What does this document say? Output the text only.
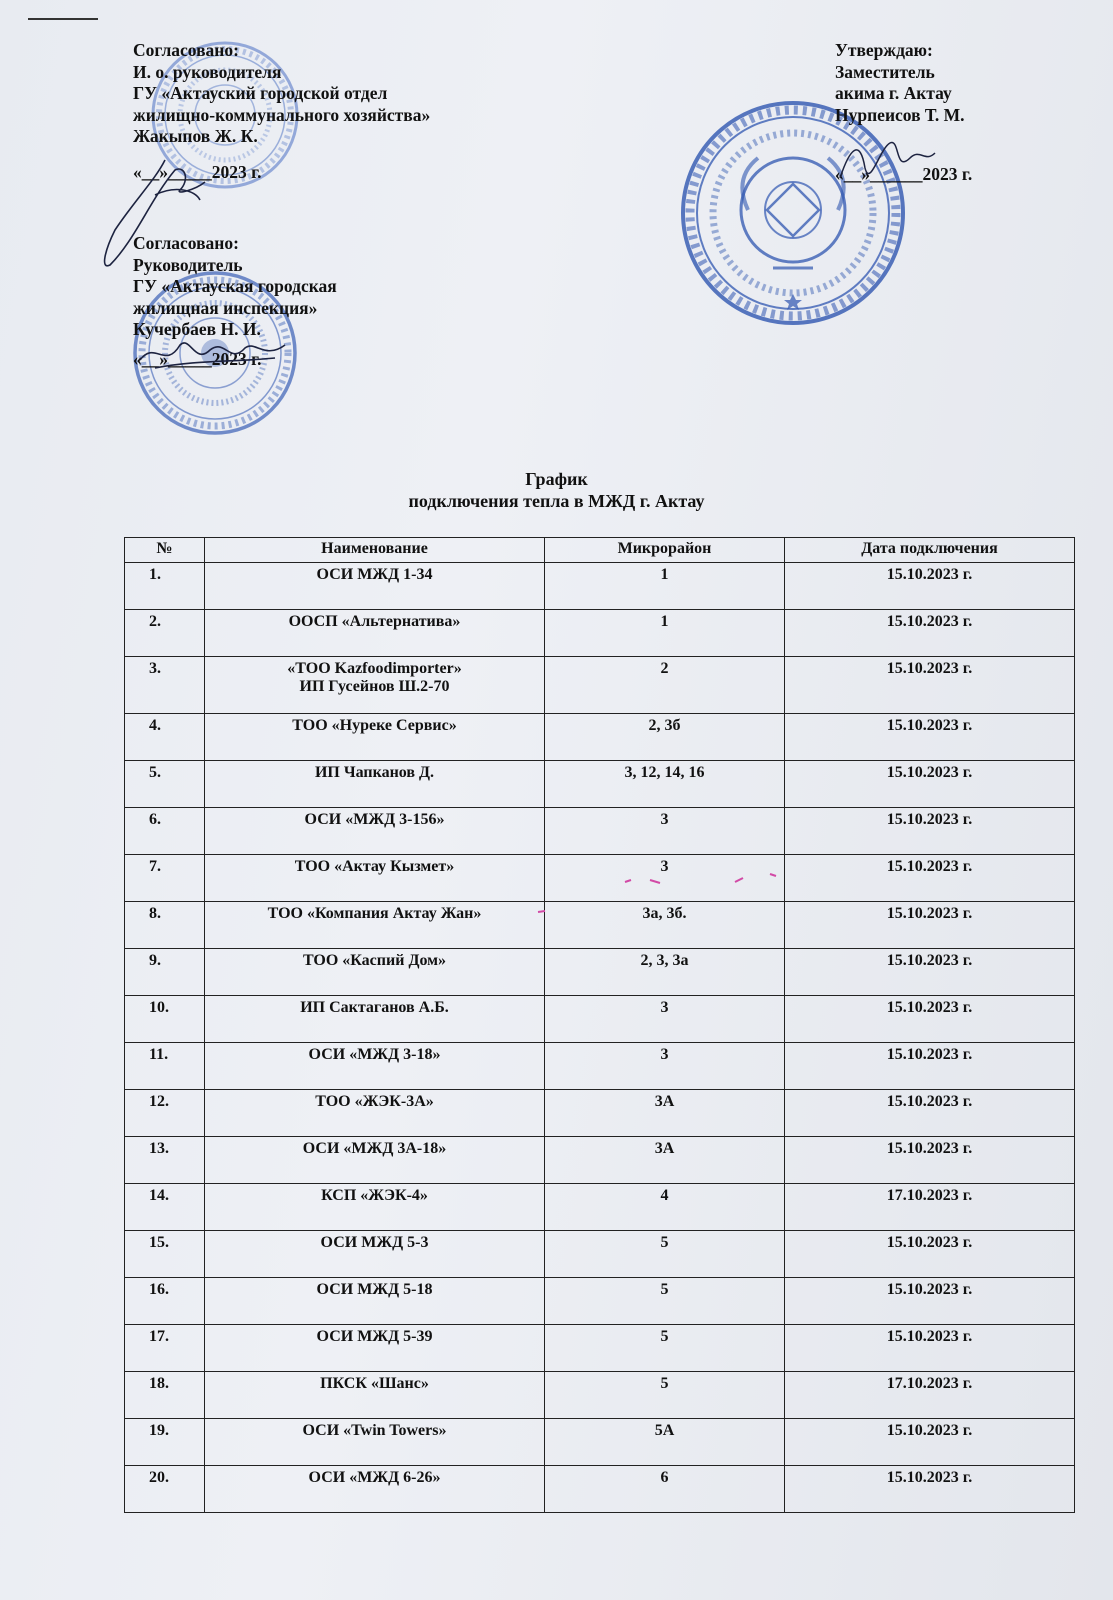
Согласовано:
И. о. руководителя
ГУ «Актауский городской отдел
жилищно-коммунального хозяйства»
Жакыпов Ж. К.
«__»_____2023 г.
Согласовано:
Руководитель
ГУ «Актауская городская
жилищная инспекция»
Кучербаев Н. И.
«__»_____2023 г.
Утверждаю:
Заместитель
акима г. Актау
Нурпеисов Т. М.
«__»______2023 г.
График
подключения тепла в МЖД г. Актау
№	Наименование	Микрорайон	Дата подключения
1.	ОСИ МЖД 1-34	1	15.10.2023 г.
2.	ООСП «Альтернатива»	1	15.10.2023 г.
3.	«ТОО Kazfoodimporter»
ИП Гусейнов Ш.2-70	2	15.10.2023 г.
4.	ТОО «Нуреке Сервис»	2, 3б	15.10.2023 г.
5.	ИП Чапканов Д.	3, 12, 14, 16	15.10.2023 г.
6.	ОСИ «МЖД 3-156»	3	15.10.2023 г.
7.	ТОО «Актау Кызмет»	3	15.10.2023 г.
8.	ТОО «Компания Актау Жан»	3а, 3б.	15.10.2023 г.
9.	ТОО «Каспий Дом»	2, 3, 3а	15.10.2023 г.
10.	ИП Сактаганов А.Б.	3	15.10.2023 г.
11.	ОСИ «МЖД 3-18»	3	15.10.2023 г.
12.	ТОО «ЖЭК-3А»	3А	15.10.2023 г.
13.	ОСИ «МЖД 3А-18»	3А	15.10.2023 г.
14.	КСП «ЖЭК-4»	4	17.10.2023 г.
15.	ОСИ МЖД 5-3	5	15.10.2023 г.
16.	ОСИ МЖД 5-18	5	15.10.2023 г.
17.	ОСИ МЖД 5-39	5	15.10.2023 г.
18.	ПКСК «Шанс»	5	17.10.2023 г.
19.	ОСИ «Twin Towers»	5А	15.10.2023 г.
20.	ОСИ «МЖД 6-26»	6	15.10.2023 г.
